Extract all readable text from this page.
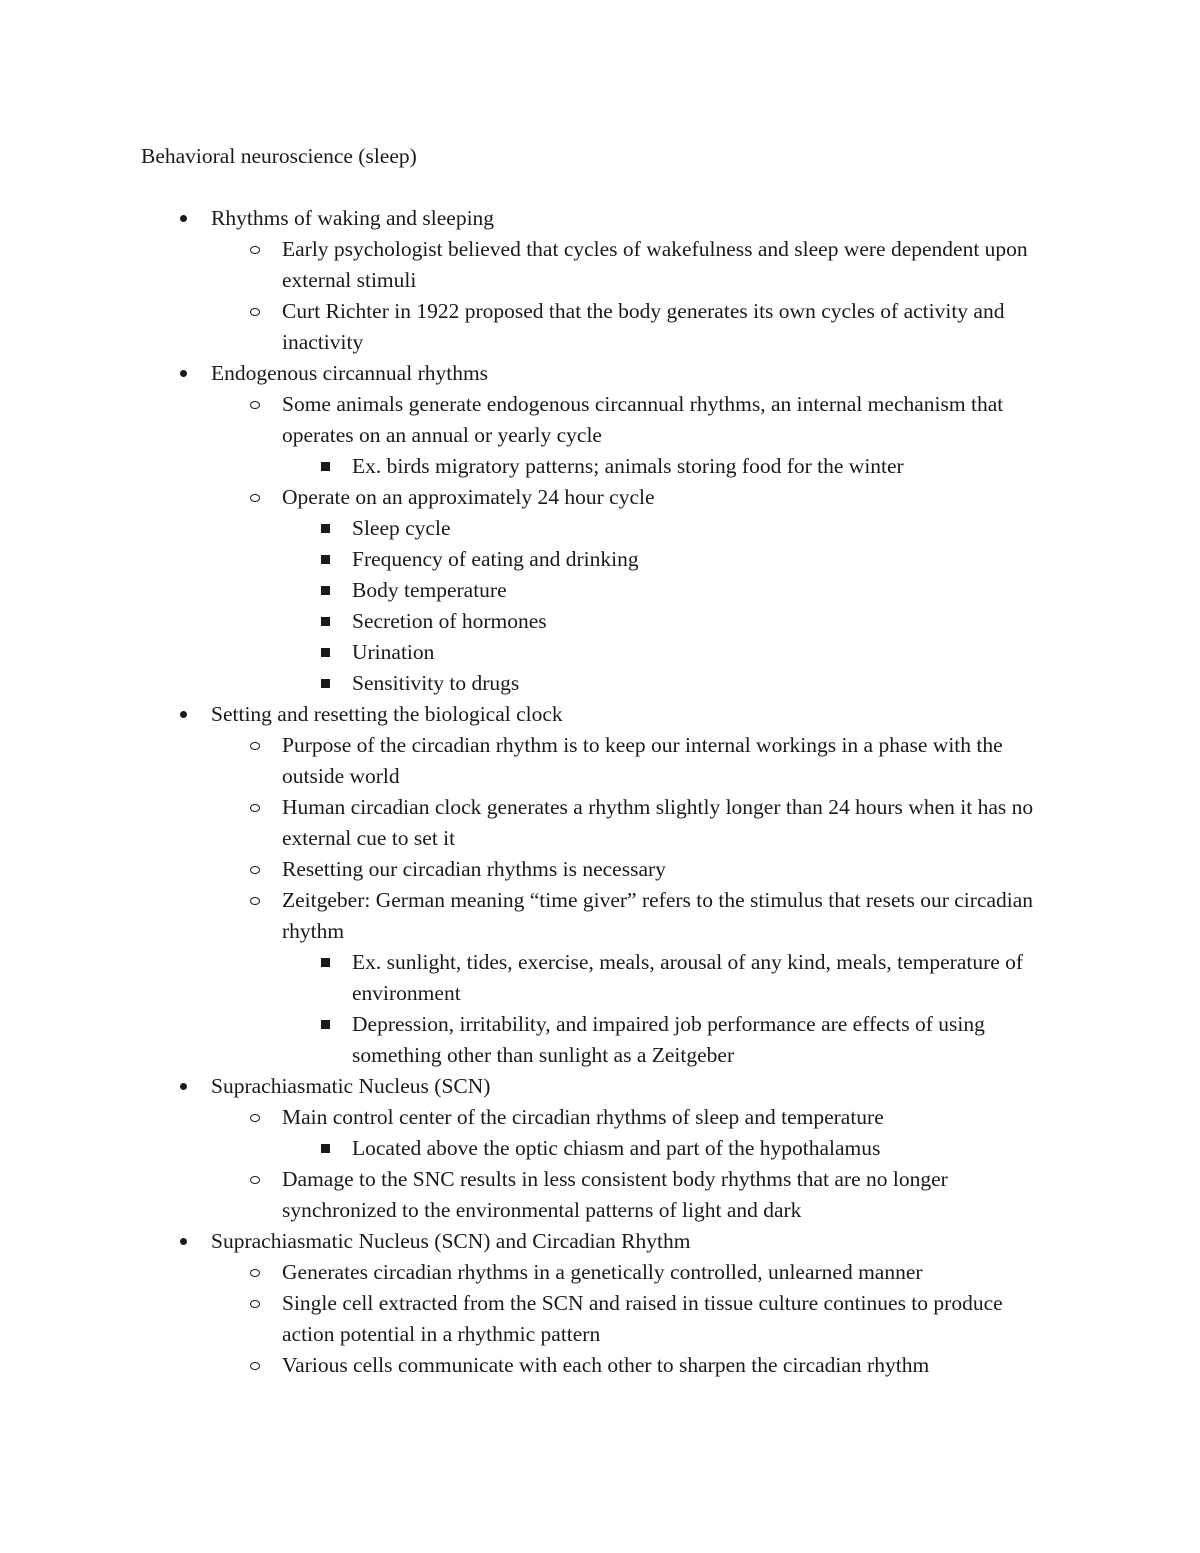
Behavioral neuroscience (sleep)
Rhythms of waking and sleeping
Early psychologist believed that cycles of wakefulness and sleep were dependent upon external stimuli
Curt Richter in 1922 proposed that the body generates its own cycles of activity and inactivity
Endogenous circannual rhythms
Some animals generate endogenous circannual rhythms, an internal mechanism that operates on an annual or yearly cycle
Ex. birds migratory patterns; animals storing food for the winter
Operate on an approximately 24 hour cycle
Sleep cycle
Frequency of eating and drinking
Body temperature
Secretion of hormones
Urination
Sensitivity to drugs
Setting and resetting the biological clock
Purpose of the circadian rhythm is to keep our internal workings in a phase with the outside world
Human circadian clock generates a rhythm slightly longer than 24 hours when it has no external cue to set it
Resetting our circadian rhythms is necessary
Zeitgeber: German meaning “time giver” refers to the stimulus that resets our circadian rhythm
Ex. sunlight, tides, exercise, meals, arousal of any kind, meals, temperature of environment
Depression, irritability, and impaired job performance are effects of using something other than sunlight as a Zeitgeber
Suprachiasmatic Nucleus (SCN)
Main control center of the circadian rhythms of sleep and temperature
Located above the optic chiasm and part of the hypothalamus
Damage to the SNC results in less consistent body rhythms that are no longer synchronized to the environmental patterns of light and dark
Suprachiasmatic Nucleus (SCN) and Circadian Rhythm
Generates circadian rhythms in a genetically controlled, unlearned manner
Single cell extracted from the SCN and raised in tissue culture continues to produce action potential in a rhythmic pattern
Various cells communicate with each other to sharpen the circadian rhythm
